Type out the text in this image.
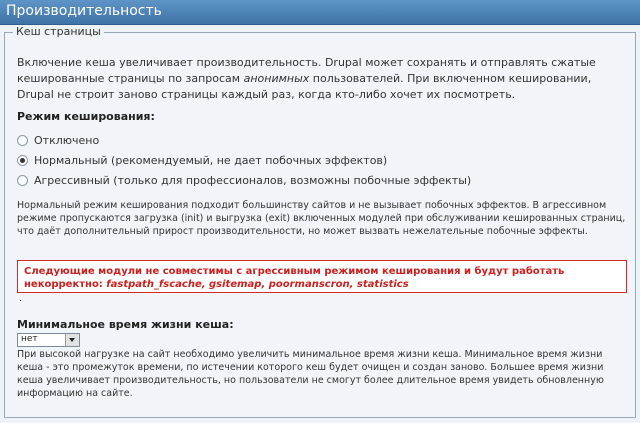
Производительность
Кеш страницы
Включение кеша увеличивает производительность. Drupal может сохранять и отправлять сжатые кешированные страницы по запросам анонимных пользователей. При включенном кешировании, Drupal не строит заново страницы каждый раз, когда кто-либо хочет их посмотреть.
Режим кеширования:
Отключено
Нормальный (рекомендуемый, не дает побочных эффектов)
Агрессивный (только для профессионалов, возможны побочные эффекты)
Нормальный режим кеширования подходит большинству сайтов и не вызывает побочных эффектов. В агрессивном режиме пропускаются загрузка (init) и выгрузка (exit) включенных модулей при обслуживании кешированных страниц, что даёт дополнительный прирост производительности, но может вызвать нежелательные побочные эффекты.
Следующие модули не совместимы с агрессивным режимом кеширования и будут работать некорректно: fastpath_fscache, gsitemap, poormanscron, statistics
.
Минимальное время жизни кеша:
нет
При высокой нагрузке на сайт необходимо увеличить минимальное время жизни кеша. Минимальное время жизни кеша - это промежуток времени, по истечении которого кеш будет очищен и создан заново. Большее время жизни кеша увеличивает производительность, но пользователи не смогут более длительное время увидеть обновленную информацию на сайте.
